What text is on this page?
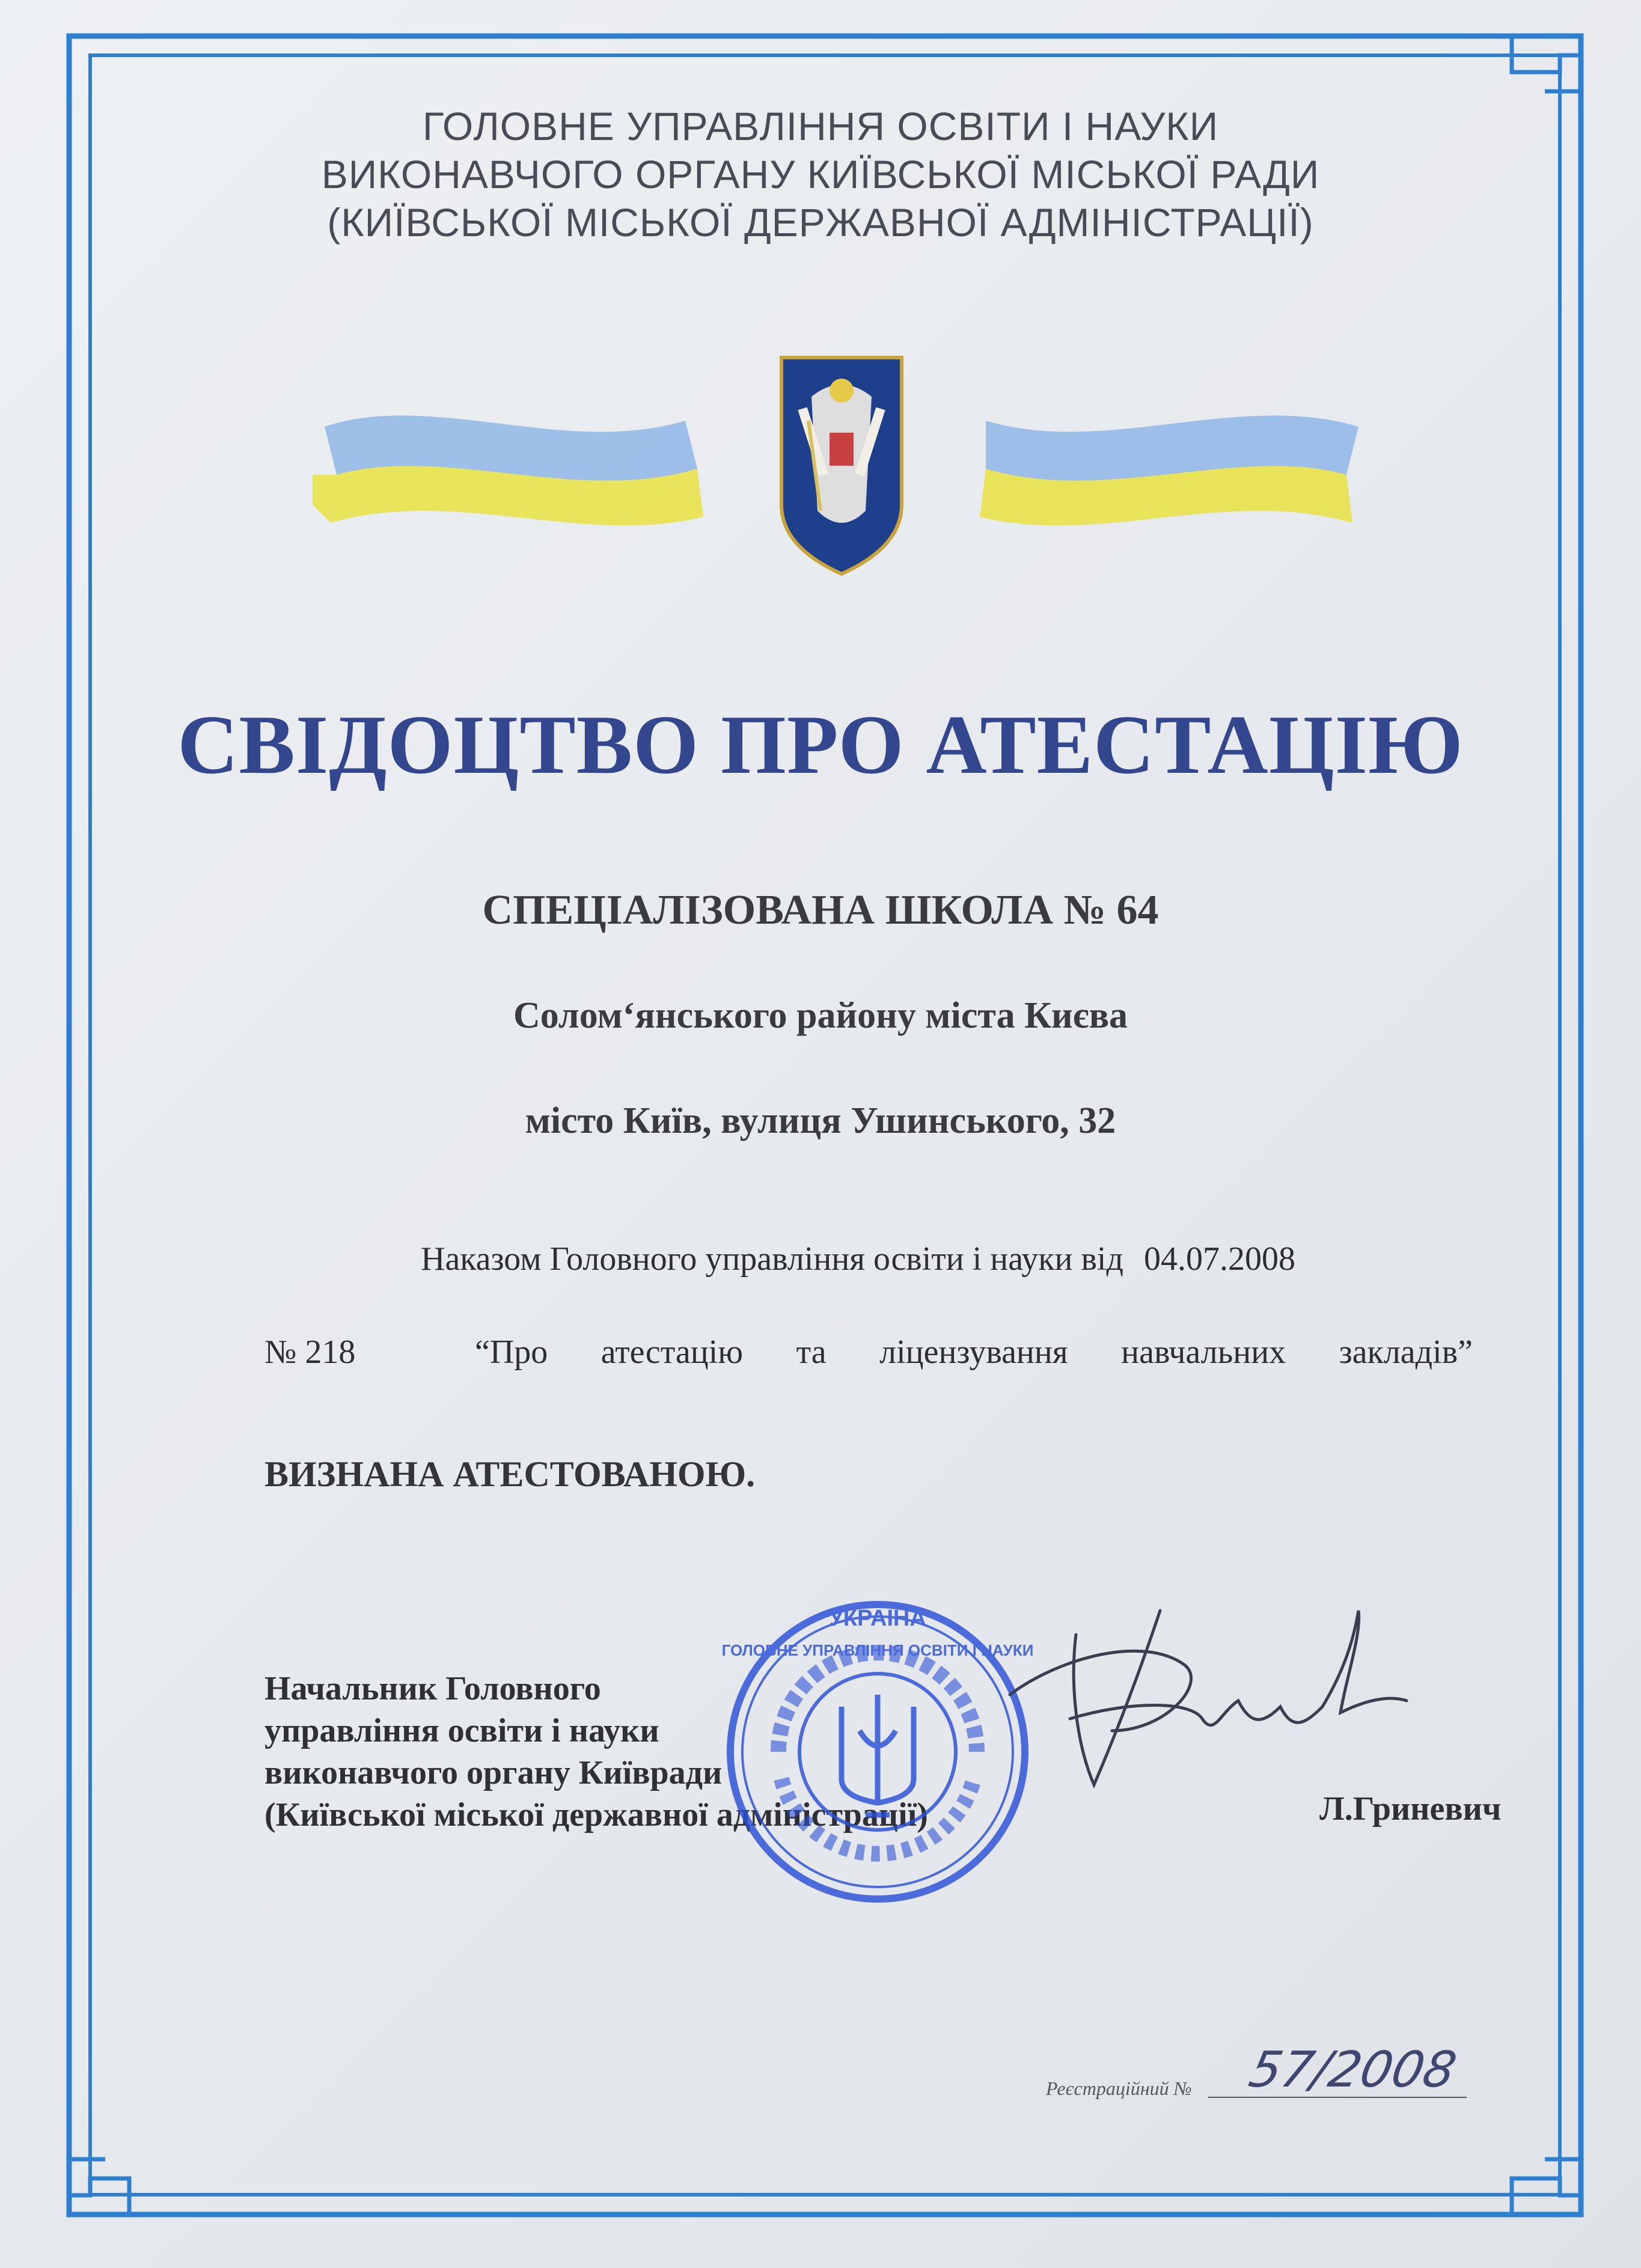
ГОЛОВНЕ УПРАВЛІННЯ ОСВІТИ І НАУКИ
ВИКОНАВЧОГО ОРГАНУ КИЇВСЬКОЇ МІСЬКОЇ РАДИ
(КИЇВСЬКОЇ МІСЬКОЇ ДЕРЖАВНОЇ АДМІНІСТРАЦІЇ)
СВІДОЦТВО ПРО АТЕСТАЦІЮ
СПЕЦІАЛІЗОВАНА ШКОЛА № 64
Солом‘янського району міста Києва
місто Київ, вулиця Ушинського, 32
Наказом Головного управління освіти і науки від 04.07.2008
№ 218	“Про атестацію та ліцензування навчальних закладів”
ВИЗНАНА АТЕСТОВАНОЮ.
Начальник Головного
управління освіти і науки
виконавчого органу Київради
(Київської міської державної адміністрації)	Л.Гриневич
УКРАЇНА
ГОЛОВНЕ УПРАВЛІННЯ ОСВІТИ І НАУКИ
Реєстраційний № 57/2008
